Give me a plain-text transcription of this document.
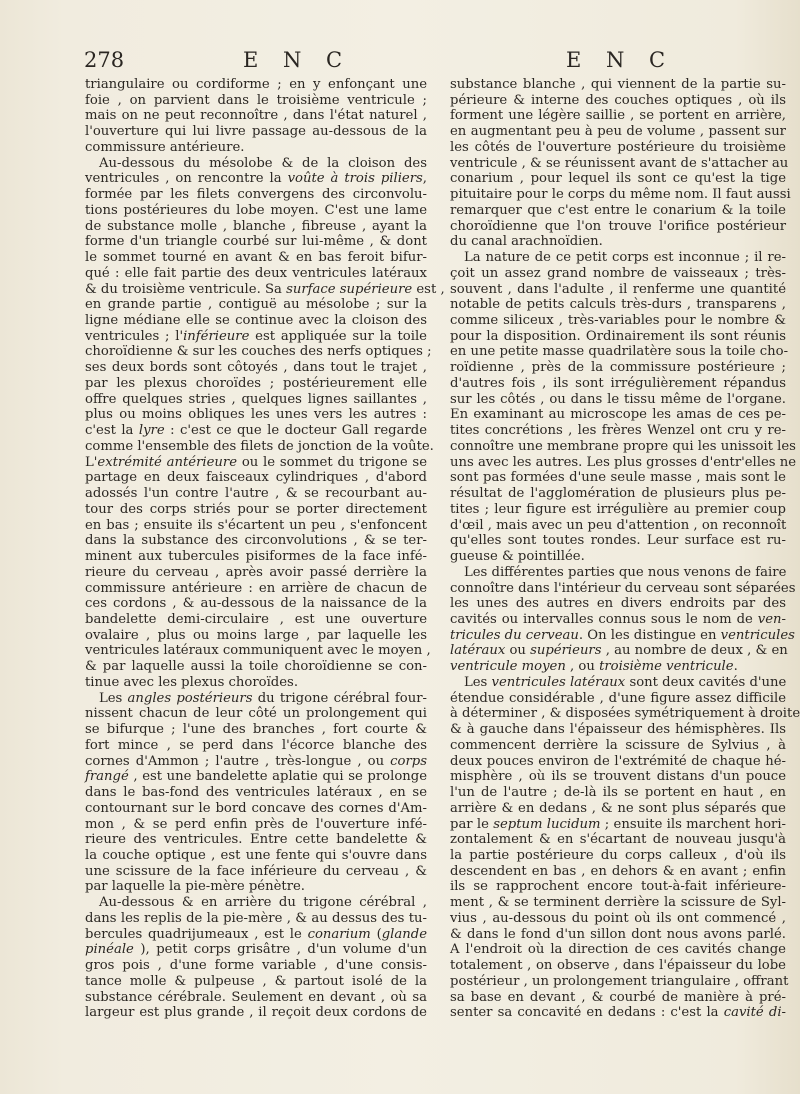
278	E N C	E N C
triangulaire ou cordiforme ; en y enfonçant une
foie , on parvient dans le troisième ventricule ;
mais on ne peut reconnoître , dans l'état naturel ,
l'ouverture qui lui livre passage au-dessous de la
commissure antérieure.
Au-dessous du mésolobe & de la cloison des
ventricules , on rencontre la voûte à trois piliers,
formée par les filets convergens des circonvolu-
tions postérieures du lobe moyen. C'est une lame
de substance molle , blanche , fibreuse , ayant la
forme d'un triangle courbé sur lui-même , & dont
le sommet tourné en avant & en bas feroit bifur-
qué : elle fait partie des deux ventricules latéraux
& du troisième ventricule. Sa surface supérieure est ,
en grande partie , contiguë au mésolobe ; sur la
ligne médiane elle se continue avec la cloison des
ventricules ; l'inférieure est appliquée sur la toile
choroïdienne & sur les couches des nerfs optiques ;
ses deux bords sont côtoyés , dans tout le trajet ,
par les plexus choroïdes ; postérieurement elle
offre quelques stries , quelques lignes saillantes ,
plus ou moins obliques les unes vers les autres :
c'est la lyre : c'est ce que le docteur Gall regarde
comme l'ensemble des filets de jonction de la voûte.
L'extrémité antérieure ou le sommet du trigone se
partage en deux faisceaux cylindriques , d'abord
adossés l'un contre l'autre , & se recourbant au-
tour des corps striés pour se porter directement
en bas ; ensuite ils s'écartent un peu , s'enfoncent
dans la substance des circonvolutions , & se ter-
minent aux tubercules pisiformes de la face infé-
rieure du cerveau , après avoir passé derrière la
commissure antérieure : en arrière de chacun de
ces cordons , & au-dessous de la naissance de la
bandelette demi-circulaire , est une ouverture
ovalaire , plus ou moins large , par laquelle les
ventricules latéraux communiquent avec le moyen ,
& par laquelle aussi la toile choroïdienne se con-
tinue avec les plexus choroïdes.
Les angles postérieurs du trigone cérébral four-
nissent chacun de leur côté un prolongement qui
se bifurque ; l'une des branches , fort courte &
fort mince , se perd dans l'écorce blanche des
cornes d'Ammon ; l'autre , très-longue , ou corps
frangé , est une bandelette aplatie qui se prolonge
dans le bas-fond des ventricules latéraux , en se
contournant sur le bord concave des cornes d'Am-
mon , & se perd enfin près de l'ouverture infé-
rieure des ventricules. Entre cette bandelette &
la couche optique , est une fente qui s'ouvre dans
une scissure de la face inférieure du cerveau , &
par laquelle la pie-mère pénètre.
Au-dessous & en arrière du trigone cérébral ,
dans les replis de la pie-mère , & au dessus des tu-
bercules quadrijumeaux , est le conarium (glande
pinéale ), petit corps grisâtre , d'un volume d'un
gros pois , d'une forme variable , d'une consis-
tance molle & pulpeuse , & partout isolé de la
substance cérébrale. Seulement en devant , où sa
largeur est plus grande , il reçoit deux cordons de
substance blanche , qui viennent de la partie su-
périeure & interne des couches optiques , où ils
forment une légère saillie , se portent en arrière,
en augmentant peu à peu de volume , passent sur
les côtés de l'ouverture postérieure du troisième
ventricule , & se réunissent avant de s'attacher au
conarium , pour lequel ils sont ce qu'est la tige
pituitaire pour le corps du même nom. Il faut aussi
remarquer que c'est entre le conarium & la toile
choroïdienne que l'on trouve l'orifice postérieur
du canal arachnoïdien.
La nature de ce petit corps est inconnue ; il re-
çoit un assez grand nombre de vaisseaux ; très-
souvent , dans l'adulte , il renferme une quantité
notable de petits calculs très-durs , transparens ,
comme siliceux , très-variables pour le nombre &
pour la disposition. Ordinairement ils sont réunis
en une petite masse quadrilatère sous la toile cho-
roïdienne , près de la commissure postérieure ;
d'autres fois , ils sont irrégulièrement répandus
sur les côtés , ou dans le tissu même de l'organe.
En examinant au microscope les amas de ces pe-
tites concrétions , les frères Wenzel ont cru y re-
connoître une membrane propre qui les unissoit les
uns avec les autres. Les plus grosses d'entr'elles ne
sont pas formées d'une seule masse , mais sont le
résultat de l'agglomération de plusieurs plus pe-
tites ; leur figure est irrégulière au premier coup
d'œil , mais avec un peu d'attention , on reconnoît
qu'elles sont toutes rondes. Leur surface est ru-
gueuse & pointillée.
Les différentes parties que nous venons de faire
connoître dans l'intérieur du cerveau sont séparées
les unes des autres en divers endroits par des
cavités ou intervalles connus sous le nom de ven-
tricules du cerveau. On les distingue en ventricules
latéraux ou supérieurs , au nombre de deux , & en
ventricule moyen , ou troisième ventricule.
Les ventricules latéraux sont deux cavités d'une
étendue considérable , d'une figure assez difficile
à déterminer , & disposées symétriquement à droite
& à gauche dans l'épaisseur des hémisphères. Ils
commencent derrière la scissure de Sylvius , à
deux pouces environ de l'extrémité de chaque hé-
misphère , où ils se trouvent distans d'un pouce
l'un de l'autre ; de-là ils se portent en haut , en
arrière & en dedans , & ne sont plus séparés que
par le septum lucidum ; ensuite ils marchent hori-
zontalement & en s'écartant de nouveau jusqu'à
la partie postérieure du corps calleux , d'où ils
descendent en bas , en dehors & en avant ; enfin
ils se rapprochent encore tout-à-fait inférieure-
ment , & se terminent derrière la scissure de Syl-
vius , au-dessous du point où ils ont commencé ,
& dans le fond d'un sillon dont nous avons parlé.
A l'endroit où la direction de ces cavités change
totalement , on observe , dans l'épaisseur du lobe
postérieur , un prolongement triangulaire , offrant
sa base en devant , & courbé de manière à pré-
senter sa concavité en dedans : c'est la cavité di-
